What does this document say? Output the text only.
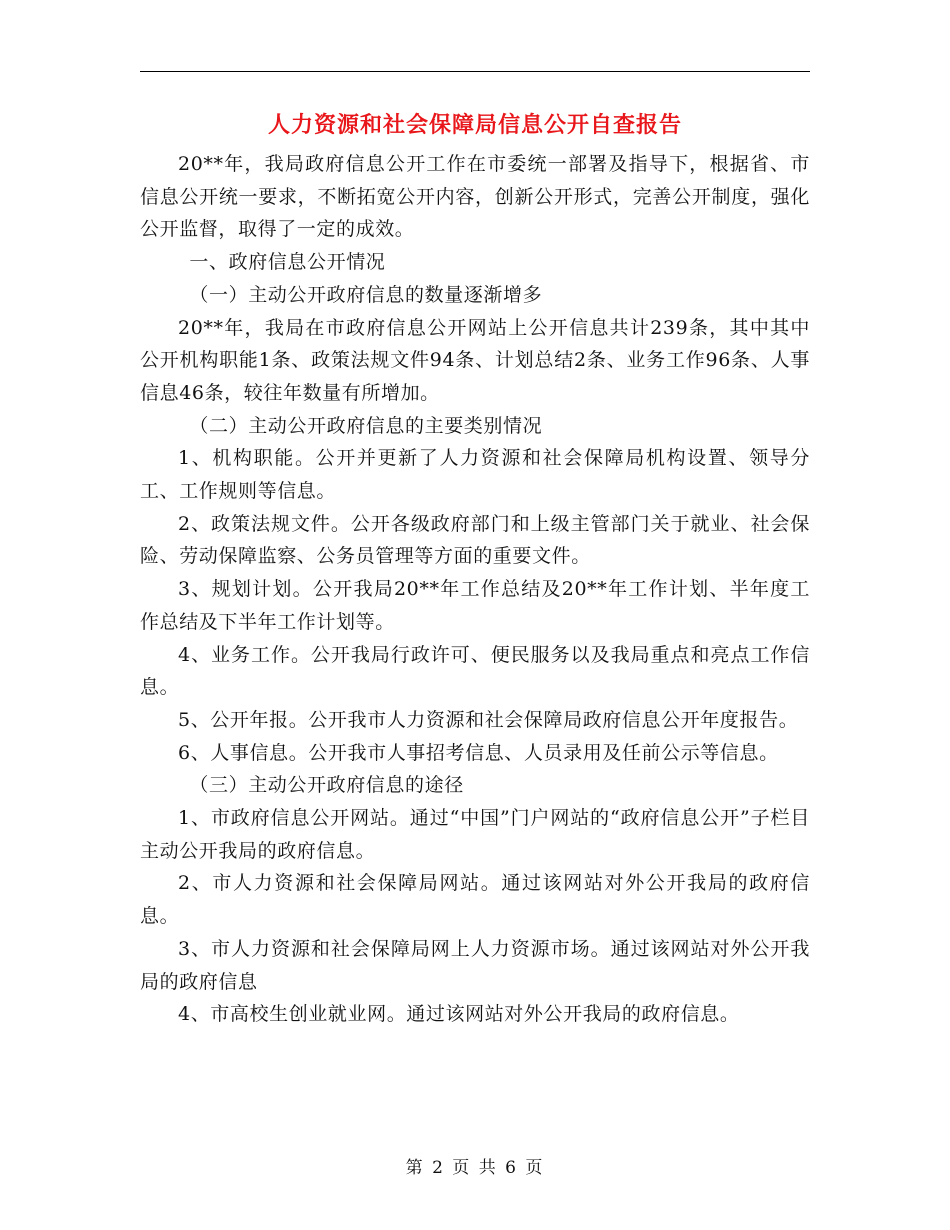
人力资源和社会保障局信息公开自查报告

20**年，我局政府信息公开工作在市委统一部署及指导下，根据省、市信息公开统一要求，不断拓宽公开内容，创新公开形式，完善公开制度，强化公开监督，取得了一定的成效。

一、政府信息公开情况

（一）主动公开政府信息的数量逐渐增多

20**年，我局在市政府信息公开网站上公开信息共计239条，其中其中公开机构职能1条、政策法规文件94条、计划总结2条、业务工作96条、人事信息46条，较往年数量有所增加。

（二）主动公开政府信息的主要类别情况

1、机构职能。公开并更新了人力资源和社会保障局机构设置、领导分工、工作规则等信息。

2、政策法规文件。公开各级政府部门和上级主管部门关于就业、社会保险、劳动保障监察、公务员管理等方面的重要文件。

3、规划计划。公开我局20**年工作总结及20**年工作计划、半年度工作总结及下半年工作计划等。

4、业务工作。公开我局行政许可、便民服务以及我局重点和亮点工作信息。

5、公开年报。公开我市人力资源和社会保障局政府信息公开年度报告。

6、人事信息。公开我市人事招考信息、人员录用及任前公示等信息。

（三）主动公开政府信息的途径

1、市政府信息公开网站。通过“中国”门户网站的“政府信息公开”子栏目主动公开我局的政府信息。

2、市人力资源和社会保障局网站。通过该网站对外公开我局的政府信息。

3、市人力资源和社会保障局网上人力资源市场。通过该网站对外公开我局的政府信息

4、市高校生创业就业网。通过该网站对外公开我局的政府信息。

第 2 页 共 6 页
